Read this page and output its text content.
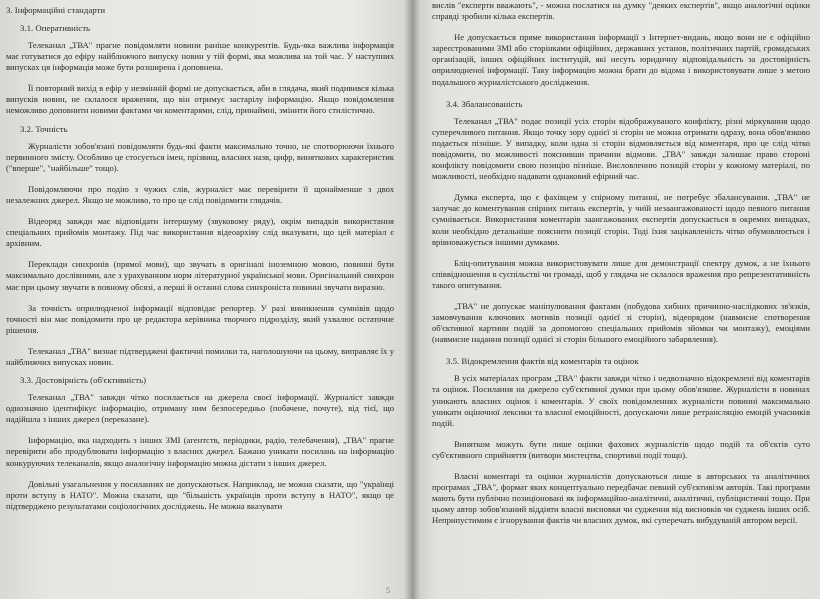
3. Інформаційні стандарти
3.1. Оперативність

Телеканал „ТВА" прагне повідомляти новини раніше конкурентів. Будь-яка важлива інформація має готуватися до ефіру найближчого випуску новин у тій формі, яка можлива на той час. У наступних випусках ця інформація може бути розширена і доповнена.

Її повторний вихід в ефір у незмінній формі не допускається, аби в глядача, який подивився кілька випусків новин, не склалося враження, що він отримує застарілу інформацію. Якщо повідомлення неможливо доповнити новими фактами чи коментарями, слід, принаймні, змінити його стилістично.

3.2. Точність

Журналісти зобов'язані повідомляти будь-які факти максимально точно, не спотворюючи їхнього первинного змісту. Особливо це стосується імен, прізвищ, власних назв, цифр, виняткових характеристик ("вперше", "найбільше" тощо).

Повідомляючи про подію з чужих слів, журналіст має перевірити її щонайменше з двох незалежних джерел. Якщо не можливо, то про це слід повідомити глядачів.

Відеоряд завжди має відповідати інтершуму (звуковому ряду), окрім випадків використання спеціальних прийомів монтажу. Під час використання відеоархіву слід вказувати, що цей матеріал є архівним.

Переклади синхронів (прямої мови), що звучать в оригіналі іноземною мовою, повинні бути максимально дослівними, але з урахуванням норм літературної української мови. Оригінальний синхрон має при цьому звучати в повному обсязі, а перші й останні слова синхроніста повинні звучати виразно.

За точність оприлюдненої інформації відповідає репортер. У разі виникнення сумнівів щодо точності він має повідомити про це редактора керівника творчого підрозділу, який ухвалює остаточне рішення.

Телеканал „ТВА" визнає підтверджені фактичні помилки та, наголошуючи на цьому, виправляє їх у найближчих випусках новин.

3.3. Достовірність (об'єктивність)

Телеканал „ТВА" завжди чітко посилається на джерела своєї інформації. Журналіст завжди однозначно ідентифікує інформацію, отриману ним безпосередньо (побачене, почуте), від тієї, що надійшла з інших джерел (переказане).

Інформацію, яка надходить з інших ЗМІ (агентств, періодики, радіо, телебачення), „ТВА" прагне перевірити або продублювати інформацію з власних джерел. Бажано уникати посилань на інформацію конкуруючих телеканалів, якщо аналогічну інформацію можна дістати з інших джерел.

Довільні узагальнення у посиланнях не допускаються. Наприклад, не можна сказати, що "українці проти вступу в НАТО". Можна сказати, що "більшість українців проти вступу в НАТО", якщо це підтверджено результатами соціологічних досліджень. Не можна вказувати

5

вислів "експерти вважають", - можна послатися на думку "деяких експертів", якщо аналогічні оцінки справді зробили кілька експертів.

Не допускається пряме використання інформації з Інтернет-видань, якщо вони не є офіційно зареєстрованими ЗМІ або сторінками офіційних, державних установ, політичних партій, громадських організацій, інших офіційних інституцій, які несуть юридичну відповідальність за достовірність оприлюдненої інформації. Таку інформацію можна брати до відома і використовувати лише з метою подальшого журналістського дослідження.

3.4. Збалансованість

Телеканал „ТВА" подає позиції усіх сторін відображуваного конфлікту, різні міркування щодо суперечливого питання. Якщо точку зору однієї зі сторін не можна отримати одразу, вона обов'язково подається пізніше. У випадку, коли одна зі сторін відмовляється від коментаря, про це слід чітко повідомити, по можливості пояснивши причини відмови. „ТВА" завжди залишає право стороні конфлікту повідомити свою позицію пізніше. Висловленню позицій сторін у кожному матеріалі, по можливості, необхідно надавати однаковий ефірний час.

Думка експерта, що є фахівцем у спірному питанні, не потребує збалансування. „ТВА" не залучає до коментування спірних питань експертів, у чиїй незаангажованості щодо певного питання сумнівається. Використання коментарів заангажованих експертів допускається в окремих випадках, коли необхідно детальніше пояснити позиції сторін. Тоді їхня зацікавленість чітко обумовлюється і врівноважується іншими думками.

Бліц-опитування можна використовувати лише для демонстрації спектру думок, а не їхнього співвідношення в суспільстві чи громаді, щоб у глядача не склалося враження про репрезентативність такого опитування.

„ТВА" не допускає маніпулювання фактами (побудова хибних причинно-наслідкових зв'язків, замовчування ключових мотивів позиції однієї зі сторін), відеорядом (навмисне спотворення об'єктивної картини подій за допомогою спеціальних прийомів зйомки чи монтажу), емоціями (навмисне надання позиції однієї зі сторін більшого емоційного забарвлення).

3.5. Відокремлення фактів від коментарів та оцінок

В усіх матеріалах програм „ТВА" факти завжди чітко і недвозначно відокремлені від коментарів та оцінок. Посилання на джерело суб'єктивної думки при цьому обов'язкове. Журналісти в новинах уникають власних оцінок і коментарів. У своїх повідомленнях журналісти повинні максимально уникати оціночної лексики та власної емоційності, допускаючи лише ретрансляцію емоцій учасників подій.

Винятком можуть бути лише оцінки фахових журналістів щодо подій та об'єктів суто суб'єктивного сприйняття (витвори мистецтва, спортивні події тощо).

Власні коментарі та оцінки журналістів допускаються лише в авторських та аналітичних програмах „ТВА", формат яких концептуально передбачає певний суб'єктивізм авторів. Такі програми мають бути публічно позиціоновані як інформаційно-аналітичні, аналітичні, публіцистичні тощо. При цьому автор зобов'язаний віддіяти власні висновки чи судження від висновків чи суджень інших осіб. Неприпустимим є ігнорування фактів чи власних думок, які суперечать вибудуваній автором версії.
